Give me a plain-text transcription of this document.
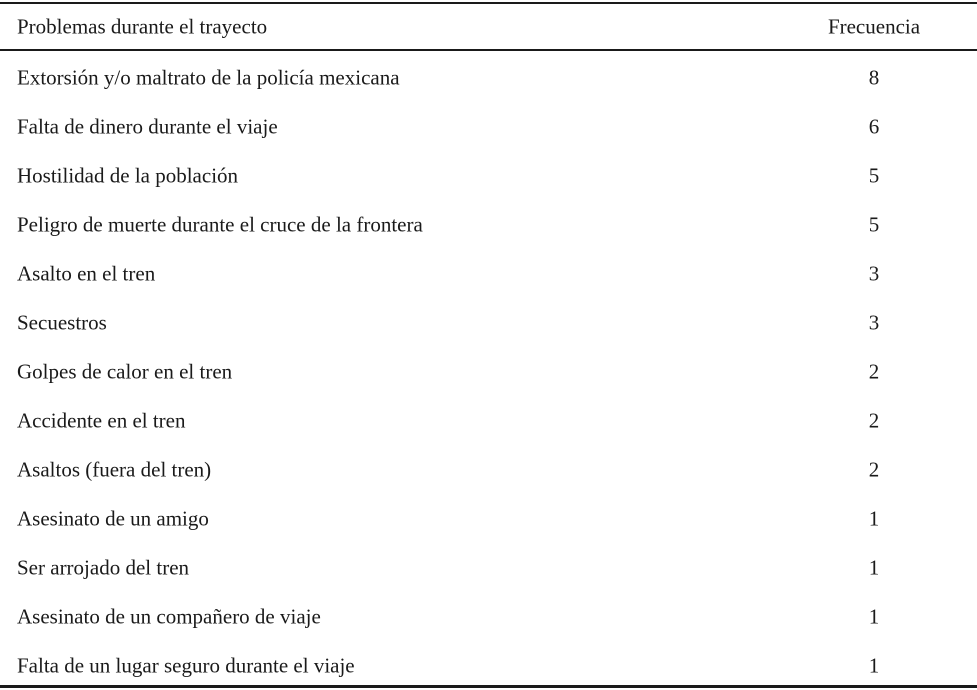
Problemas durante el trayecto	Frecuencia
Extorsión y/o maltrato de la policía mexicana	8
Falta de dinero durante el viaje	6
Hostilidad de la población	5
Peligro de muerte durante el cruce de la frontera	5
Asalto en el tren	3
Secuestros	3
Golpes de calor en el tren	2
Accidente en el tren	2
Asaltos (fuera del tren)	2
Asesinato de un amigo	1
Ser arrojado del tren	1
Asesinato de un compañero de viaje	1
Falta de un lugar seguro durante el viaje	1
